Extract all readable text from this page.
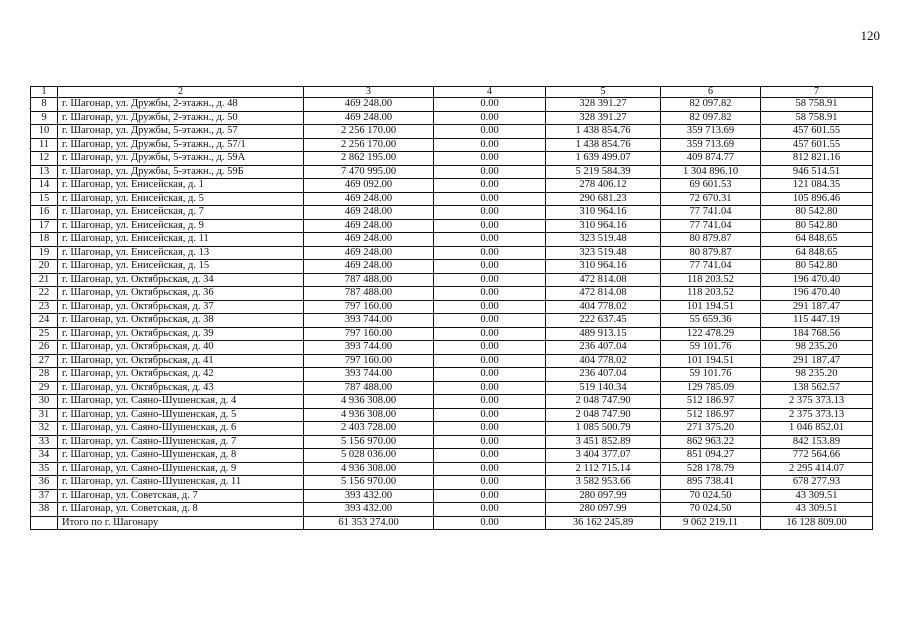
120
1	2	3	4	5	6	7
8	г. Шагонар, ул. Дружбы, 2-этажн., д. 48	469 248.00	0.00	328 391.27	82 097.82	58 758.91
9	г. Шагонар, ул. Дружбы, 2-этажн., д. 50	469 248.00	0.00	328 391.27	82 097.82	58 758.91
10	г. Шагонар, ул. Дружбы, 5-этажн., д. 57	2 256 170.00	0.00	1 438 854.76	359 713.69	457 601.55
11	г. Шагонар, ул. Дружбы, 5-этажн., д. 57/1	2 256 170.00	0.00	1 438 854.76	359 713.69	457 601.55
12	г. Шагонар, ул. Дружбы, 5-этажн., д. 59А	2 862 195.00	0.00	1 639 499.07	409 874.77	812 821.16
13	г. Шагонар, ул. Дружбы, 5-этажн., д. 59Б	7 470 995.00	0.00	5 219 584.39	1 304 896.10	946 514.51
14	г. Шагонар, ул. Енисейская, д. 1	469 092.00	0.00	278 406.12	69 601.53	121 084.35
15	г. Шагонар, ул. Енисейская, д. 5	469 248.00	0.00	290 681.23	72 670.31	105 896.46
16	г. Шагонар, ул. Енисейская, д. 7	469 248.00	0.00	310 964.16	77 741.04	80 542.80
17	г. Шагонар, ул. Енисейская, д. 9	469 248.00	0.00	310 964.16	77 741.04	80 542.80
18	г. Шагонар, ул. Енисейская, д. 11	469 248.00	0.00	323 519.48	80 879.87	64 848.65
19	г. Шагонар, ул. Енисейская, д. 13	469 248.00	0.00	323 519.48	80 879.87	64 848.65
20	г. Шагонар, ул. Енисейская, д. 15	469 248.00	0.00	310 964.16	77 741.04	80 542.80
21	г. Шагонар, ул. Октябрьская, д. 34	787 488.00	0.00	472 814.08	118 203.52	196 470.40
22	г. Шагонар, ул. Октябрьская, д. 36	787 488.00	0.00	472 814.08	118 203.52	196 470.40
23	г. Шагонар, ул. Октябрьская, д. 37	797 160.00	0.00	404 778.02	101 194.51	291 187.47
24	г. Шагонар, ул. Октябрьская, д. 38	393 744.00	0.00	222 637.45	55 659.36	115 447.19
25	г. Шагонар, ул. Октябрьская, д. 39	797 160.00	0.00	489 913.15	122 478.29	184 768.56
26	г. Шагонар, ул. Октябрьская, д. 40	393 744.00	0.00	236 407.04	59 101.76	98 235.20
27	г. Шагонар, ул. Октябрьская, д. 41	797 160.00	0.00	404 778.02	101 194.51	291 187.47
28	г. Шагонар, ул. Октябрьская, д. 42	393 744.00	0.00	236 407.04	59 101.76	98 235.20
29	г. Шагонар, ул. Октябрьская, д. 43	787 488.00	0.00	519 140.34	129 785.09	138 562.57
30	г. Шагонар, ул. Саяно-Шушенская, д. 4	4 936 308.00	0.00	2 048 747.90	512 186.97	2 375 373.13
31	г. Шагонар, ул. Саяно-Шушенская, д. 5	4 936 308.00	0.00	2 048 747.90	512 186.97	2 375 373.13
32	г. Шагонар, ул. Саяно-Шушенская, д. 6	2 403 728.00	0.00	1 085 500.79	271 375.20	1 046 852.01
33	г. Шагонар, ул. Саяно-Шушенская, д. 7	5 156 970.00	0.00	3 451 852.89	862 963.22	842 153.89
34	г. Шагонар, ул. Саяно-Шушенская, д. 8	5 028 036.00	0.00	3 404 377.07	851 094.27	772 564.66
35	г. Шагонар, ул. Саяно-Шушенская, д. 9	4 936 308.00	0.00	2 112 715.14	528 178.79	2 295 414.07
36	г. Шагонар, ул. Саяно-Шушенская, д. 11	5 156 970.00	0.00	3 582 953.66	895 738.41	678 277.93
37	г. Шагонар, ул. Советская, д. 7	393 432.00	0.00	280 097.99	70 024.50	43 309.51
38	г. Шагонар, ул. Советская, д. 8	393 432.00	0.00	280 097.99	70 024.50	43 309.51
	Итого по г. Шагонару	61 353 274.00	0.00	36 162 245.89	9 062 219.11	16 128 809.00
